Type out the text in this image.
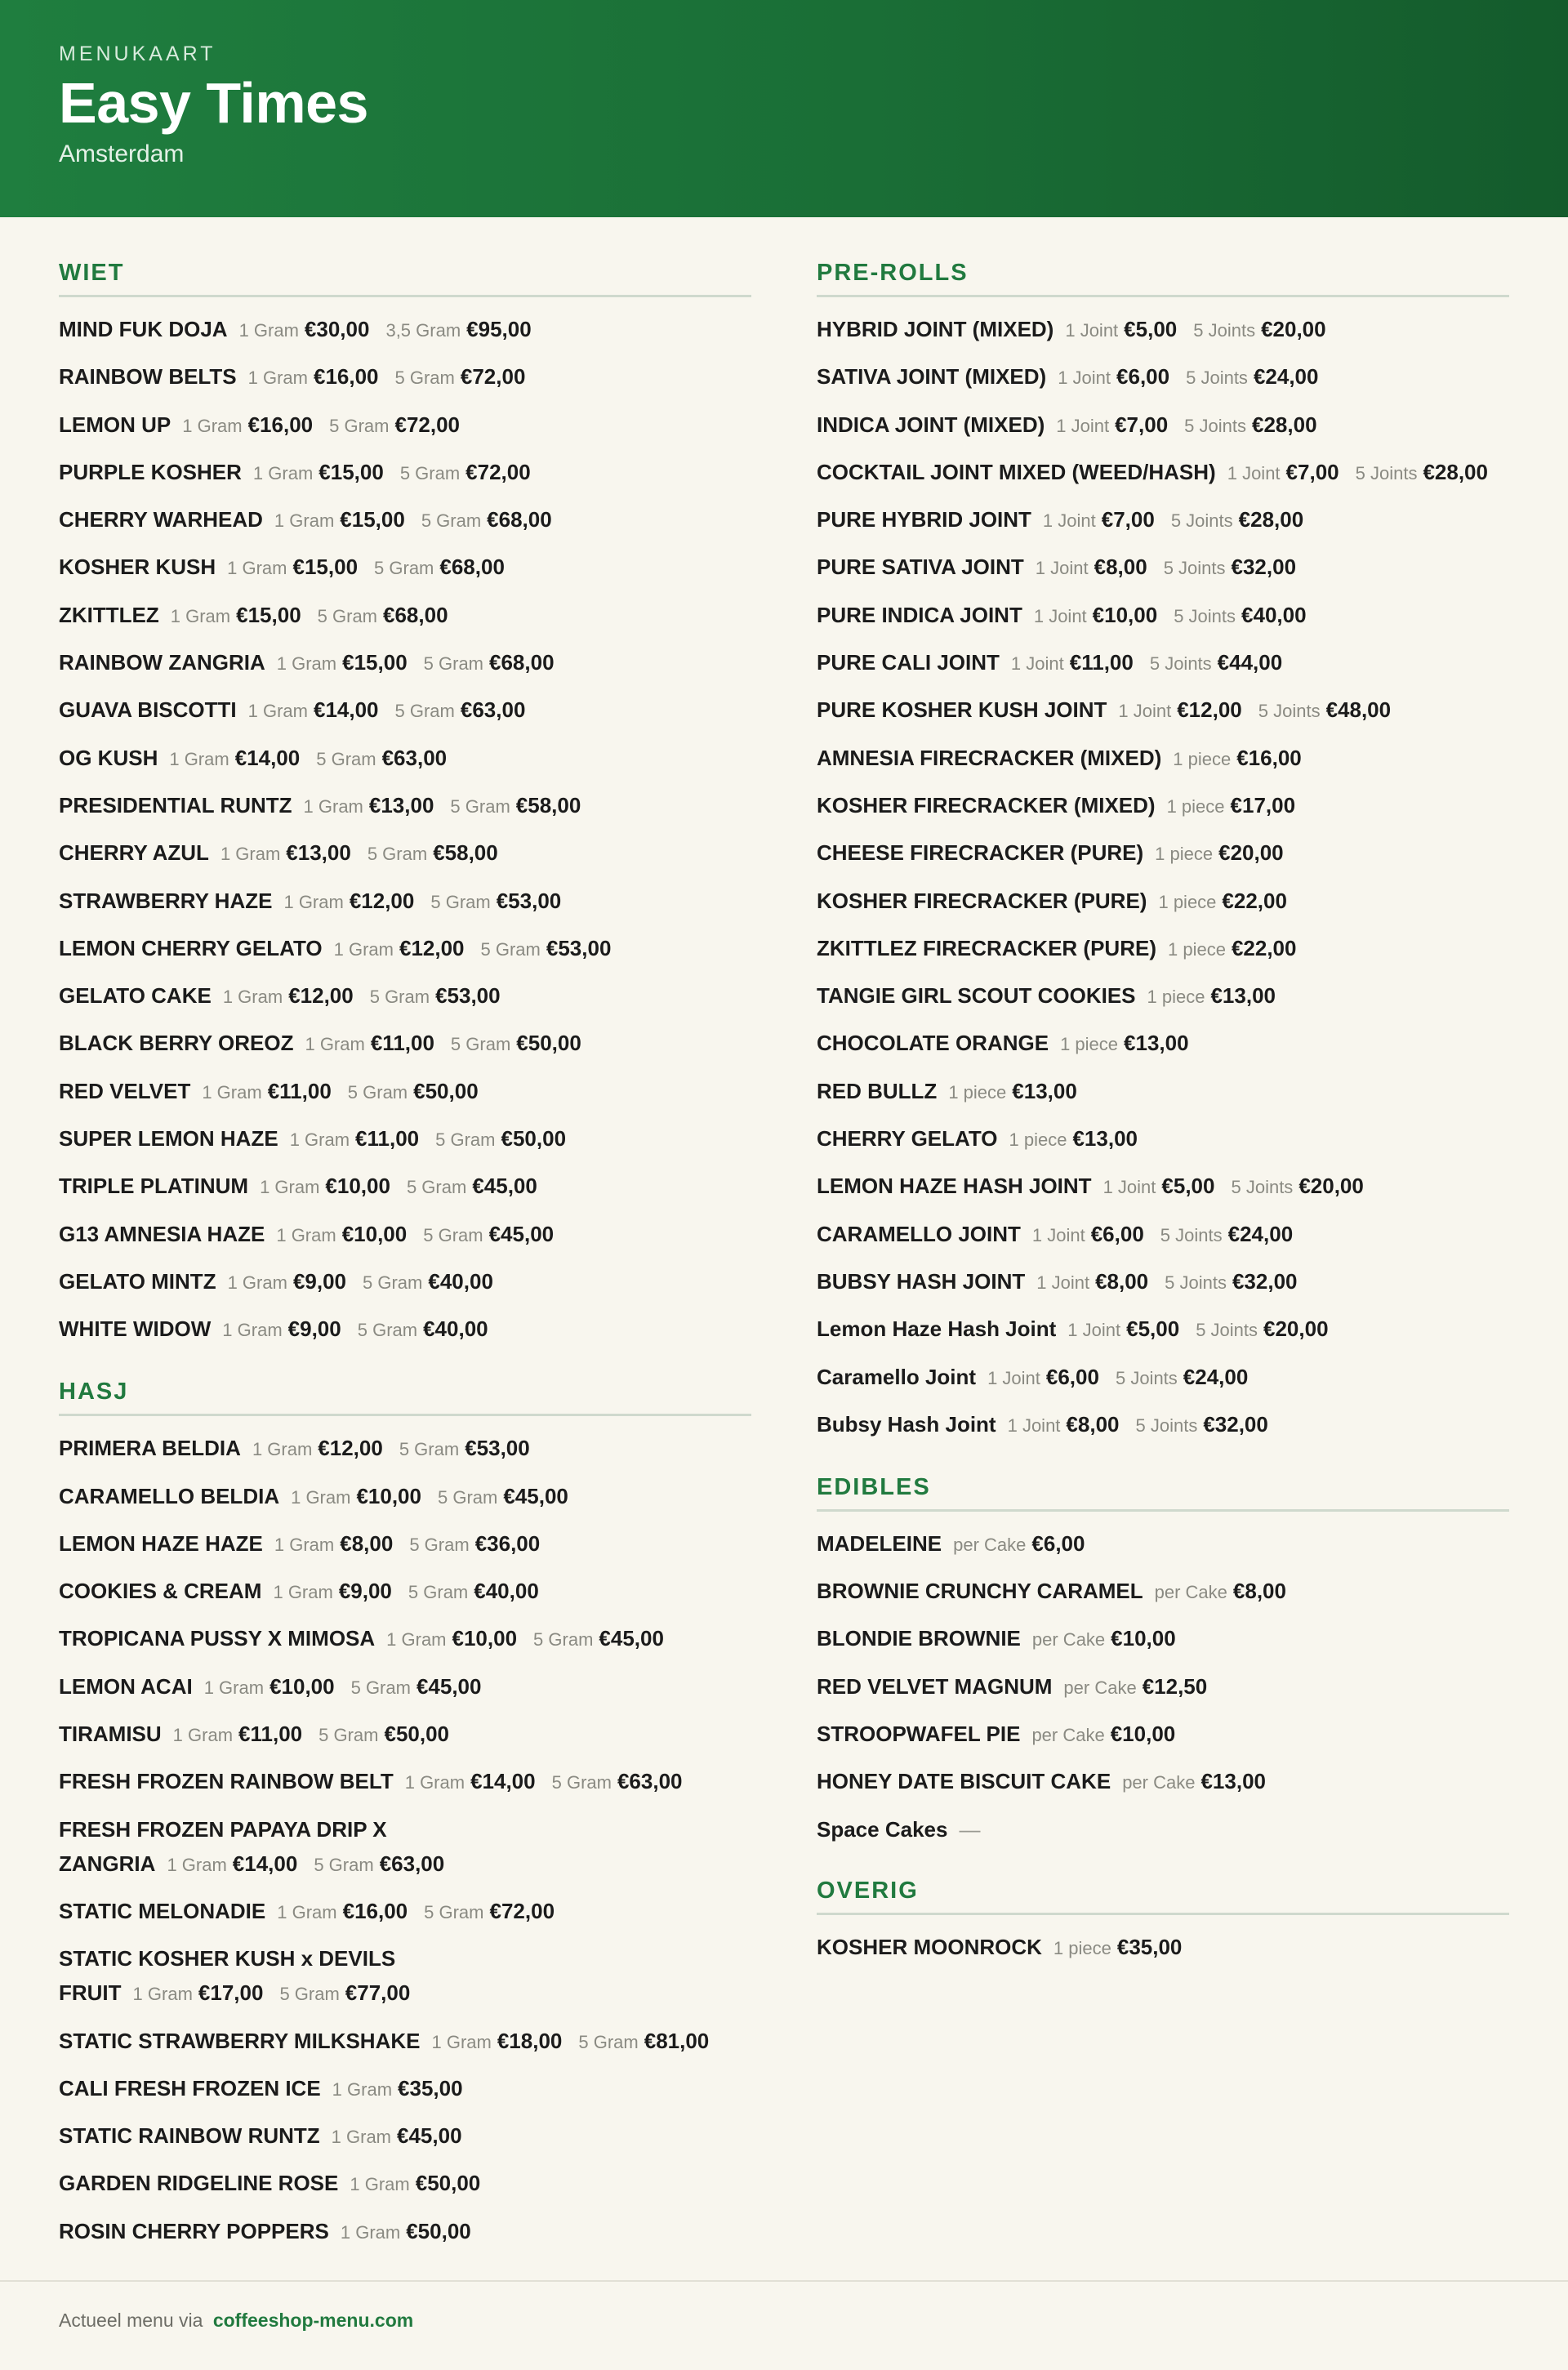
MENUKAART
Easy Times
Amsterdam
WIET
MIND FUK DOJA 1 Gram €30,00 3,5 Gram €95,00
RAINBOW BELTS 1 Gram €16,00 5 Gram €72,00
LEMON UP 1 Gram €16,00 5 Gram €72,00
PURPLE KOSHER 1 Gram €15,00 5 Gram €72,00
CHERRY WARHEAD 1 Gram €15,00 5 Gram €68,00
KOSHER KUSH 1 Gram €15,00 5 Gram €68,00
ZKITTLEZ 1 Gram €15,00 5 Gram €68,00
RAINBOW ZANGRIA 1 Gram €15,00 5 Gram €68,00
GUAVA BISCOTTI 1 Gram €14,00 5 Gram €63,00
OG KUSH 1 Gram €14,00 5 Gram €63,00
PRESIDENTIAL RUNTZ 1 Gram €13,00 5 Gram €58,00
CHERRY AZUL 1 Gram €13,00 5 Gram €58,00
STRAWBERRY HAZE 1 Gram €12,00 5 Gram €53,00
LEMON CHERRY GELATO 1 Gram €12,00 5 Gram €53,00
GELATO CAKE 1 Gram €12,00 5 Gram €53,00
BLACK BERRY OREOZ 1 Gram €11,00 5 Gram €50,00
RED VELVET 1 Gram €11,00 5 Gram €50,00
SUPER LEMON HAZE 1 Gram €11,00 5 Gram €50,00
TRIPLE PLATINUM 1 Gram €10,00 5 Gram €45,00
G13 AMNESIA HAZE 1 Gram €10,00 5 Gram €45,00
GELATO MINTZ 1 Gram €9,00 5 Gram €40,00
WHITE WIDOW 1 Gram €9,00 5 Gram €40,00
HASJ
PRIMERA BELDIA 1 Gram €12,00 5 Gram €53,00
CARAMELLO BELDIA 1 Gram €10,00 5 Gram €45,00
LEMON HAZE HAZE 1 Gram €8,00 5 Gram €36,00
COOKIES & CREAM 1 Gram €9,00 5 Gram €40,00
TROPICANA PUSSY X MIMOSA 1 Gram €10,00 5 Gram €45,00
LEMON ACAI 1 Gram €10,00 5 Gram €45,00
TIRAMISU 1 Gram €11,00 5 Gram €50,00
FRESH FROZEN RAINBOW BELT 1 Gram €14,00 5 Gram €63,00
FRESH FROZEN PAPAYA DRIP X ZANGRIA 1 Gram €14,00 5 Gram €63,00
STATIC MELONADIE 1 Gram €16,00 5 Gram €72,00
STATIC KOSHER KUSH x DEVILS FRUIT 1 Gram €17,00 5 Gram €77,00
STATIC STRAWBERRY MILKSHAKE 1 Gram €18,00 5 Gram €81,00
CALI FRESH FROZEN ICE 1 Gram €35,00
STATIC RAINBOW RUNTZ 1 Gram €45,00
GARDEN RIDGELINE ROSE 1 Gram €50,00
ROSIN CHERRY POPPERS 1 Gram €50,00
PRE-ROLLS
HYBRID JOINT (MIXED) 1 Joint €5,00 5 Joints €20,00
SATIVA JOINT (MIXED) 1 Joint €6,00 5 Joints €24,00
INDICA JOINT (MIXED) 1 Joint €7,00 5 Joints €28,00
COCKTAIL JOINT MIXED (WEED/HASH) 1 Joint €7,00 5 Joints €28,00
PURE HYBRID JOINT 1 Joint €7,00 5 Joints €28,00
PURE SATIVA JOINT 1 Joint €8,00 5 Joints €32,00
PURE INDICA JOINT 1 Joint €10,00 5 Joints €40,00
PURE CALI JOINT 1 Joint €11,00 5 Joints €44,00
PURE KOSHER KUSH JOINT 1 Joint €12,00 5 Joints €48,00
AMNESIA FIRECRACKER (MIXED) 1 piece €16,00
KOSHER FIRECRACKER (MIXED) 1 piece €17,00
CHEESE FIRECRACKER (PURE) 1 piece €20,00
KOSHER FIRECRACKER (PURE) 1 piece €22,00
ZKITTLEZ FIRECRACKER (PURE) 1 piece €22,00
TANGIE GIRL SCOUT COOKIES 1 piece €13,00
CHOCOLATE ORANGE 1 piece €13,00
RED BULLZ 1 piece €13,00
CHERRY GELATO 1 piece €13,00
LEMON HAZE HASH JOINT 1 Joint €5,00 5 Joints €20,00
CARAMELLO JOINT 1 Joint €6,00 5 Joints €24,00
BUBSY HASH JOINT 1 Joint €8,00 5 Joints €32,00
Lemon Haze Hash Joint 1 Joint €5,00 5 Joints €20,00
Caramello Joint 1 Joint €6,00 5 Joints €24,00
Bubsy Hash Joint 1 Joint €8,00 5 Joints €32,00
EDIBLES
MADELEINE per Cake €6,00
BROWNIE CRUNCHY CARAMEL per Cake €8,00
BLONDIE BROWNIE per Cake €10,00
RED VELVET MAGNUM per Cake €12,50
STROOPWAFEL PIE per Cake €10,00
HONEY DATE BISCUIT CAKE per Cake €13,00
Space Cakes —
OVERIG
KOSHER MOONROCK 1 piece €35,00
Actueel menu via coffeeshop-menu.com
